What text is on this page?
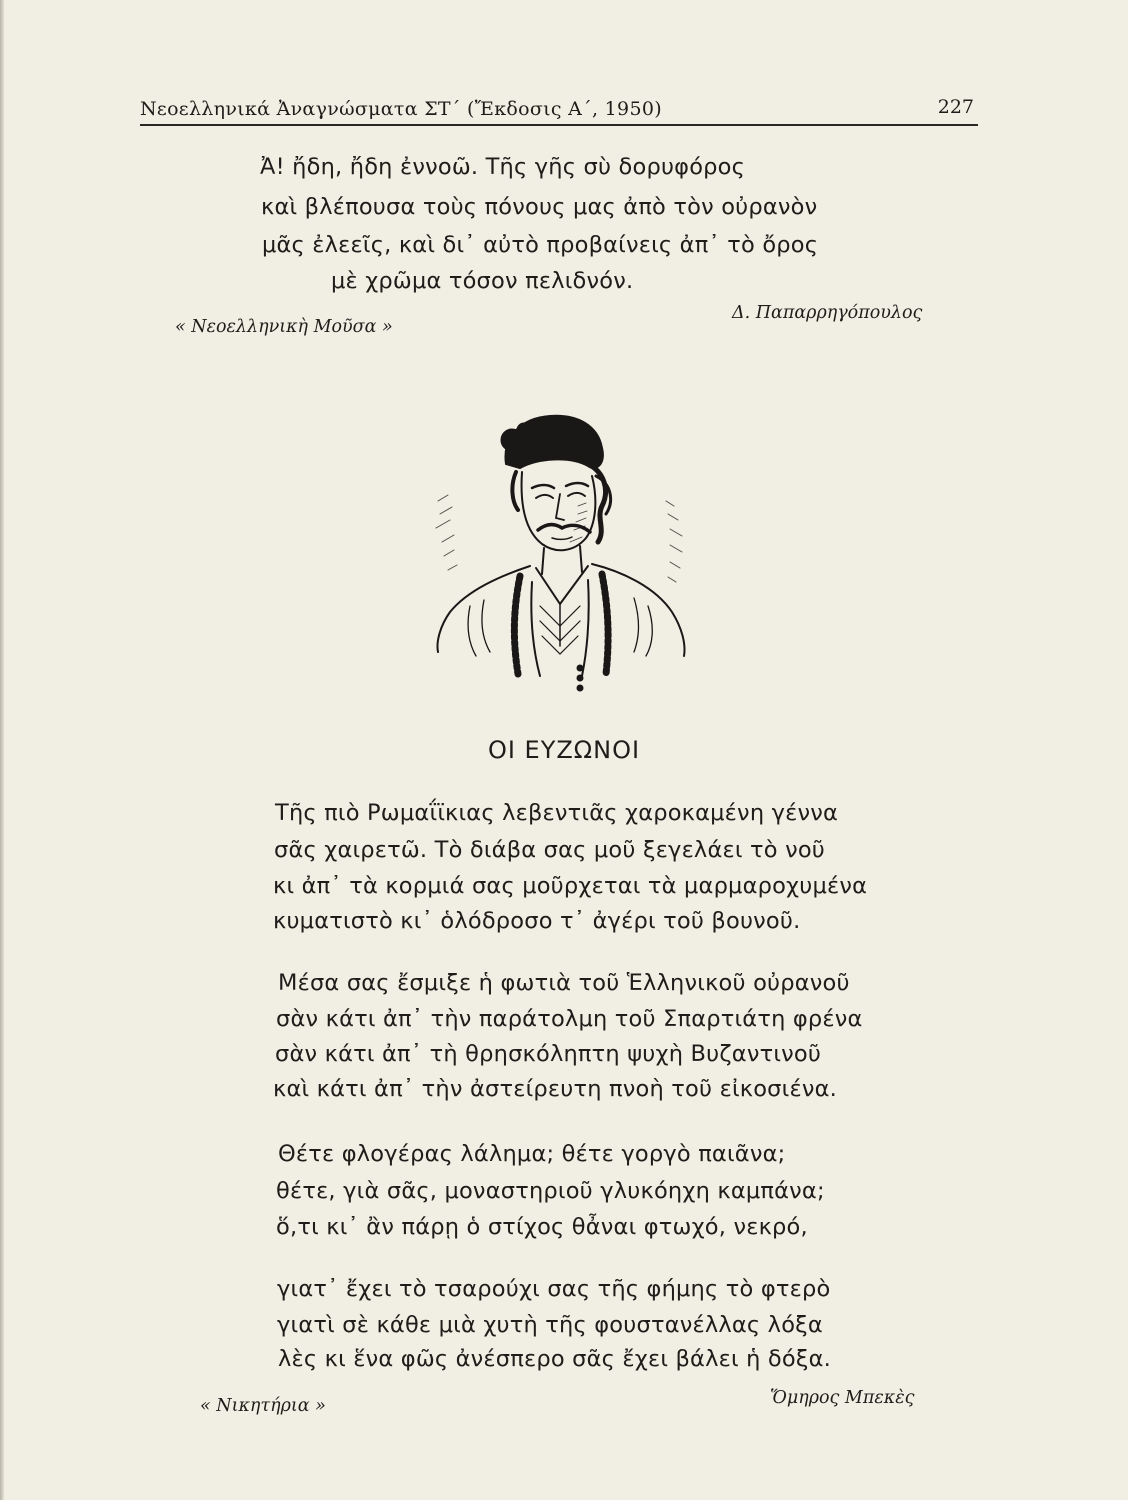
Νεοελληνικά Ἀναγνώσματα ΣΤ´ (Ἔκδοσις Α´, 1950)	227
Ἀ! ἤδη, ἤδη ἐννοῶ. Τῆς γῆς σὺ δορυφόρος
καὶ βλέπουσα τοὺς πόνους μας ἀπὸ τὸν οὐρανὸν
μᾶς ἐλεεῖς, καὶ δι᾽ αὐτὸ προβαίνεις ἀπ᾽ τὸ ὄρος
μὲ χρῶμα τόσον πελιδνόν.
« Νεοελληνικὴ Μοῦσα »
Δ. Παπαρρηγόπουλος
ΟΙ ΕΥΖΩΝΟΙ
Τῆς πιὸ Ρωμαΐϊκιας λεβεντιᾶς χαροκαμένη γέννα
σᾶς χαιρετῶ. Τὸ διάβα σας μοῦ ξεγελάει τὸ νοῦ
κι ἀπ᾽ τὰ κορμιά σας μοῦρχεται τὰ μαρμαροχυμένα
κυματιστὸ κι᾽ ὁλόδροσο τ᾽ ἀγέρι τοῦ βουνοῦ.
Μέσα σας ἔσμιξε ἡ φωτιὰ τοῦ Ἑλληνικοῦ οὐρανοῦ
σὰν κάτι ἀπ᾽ τὴν παράτολμη τοῦ Σπαρτιάτη φρένα
σὰν κάτι ἀπ᾽ τὴ θρησκόληπτη ψυχὴ Βυζαντινοῦ
καὶ κάτι ἀπ᾽ τὴν ἀστείρευτη πνοὴ τοῦ εἰκοσιένα.
Θέτε φλογέρας λάλημα; θέτε γοργὸ παιᾶνα;
θέτε, γιὰ σᾶς, μοναστηριοῦ γλυκόηχη καμπάνα;
ὅ,τι κι᾽ ἂν πάρῃ ὁ στίχος θἆναι φτωχό, νεκρό,
γιατ᾽ ἔχει τὸ τσαρούχι σας τῆς φήμης τὸ φτερὸ
γιατὶ σὲ κάθε μιὰ χυτὴ τῆς φουστανέλλας λόξα
λὲς κι ἕνα φῶς ἀνέσπερο σᾶς ἔχει βάλει ἡ δόξα.
« Νικητήρια »	Ὅμηρος Μπεκὲς
